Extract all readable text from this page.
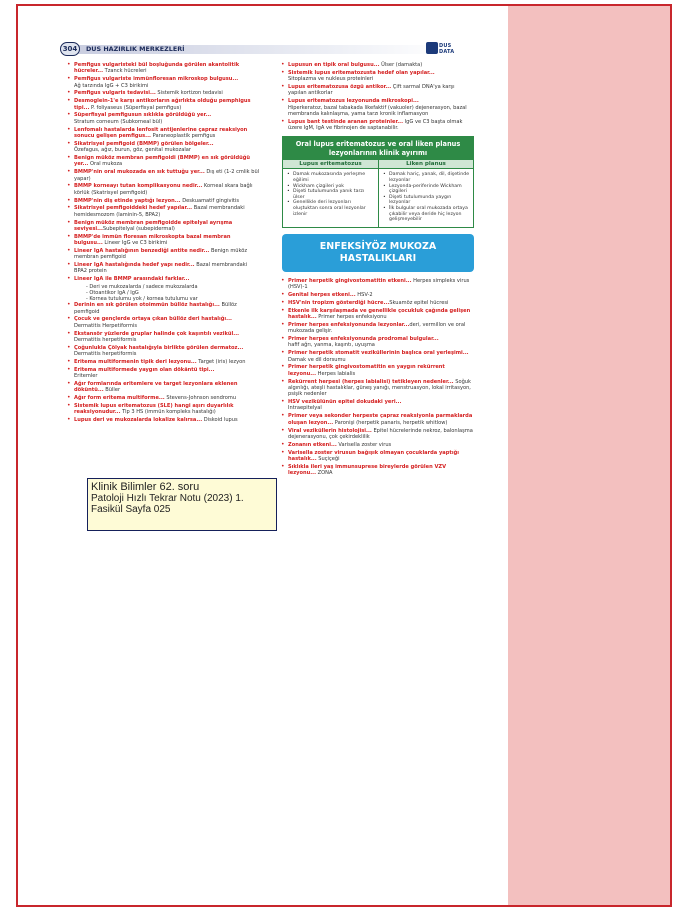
304	DUS HAZIRLIK MERKEZLERİ	DUS DATA
• Pemfigus vulgaristeki bül boşluğunda görülen akantolitik hücreler... Tzanck hücreleri
• Pemfigus vulgariste immünfloresan mikroskop bulgusu...
Ağ tarzında IgG + C3 birikimi
• Pemfigus vulgaris tedavisi... Sistemik kortizon tedavisi
• Desmoglein-1'e karşı antikorların ağırlıkta olduğu pemphigus tipi... P. foliyaseus (Süperfisyal pemfigus)
• Süperfisyal pemfigusun sıklıkla görüldüğü yer...
Stratum corneum (Subkorneal bül)
• Lenfomalı hastalarda lenfosit antijenlerine çapraz reaksiyon sonucu gelişen pemfigus... Paraneoplastik pemfigus
• Sikatrisyel pemfigoid (BMMP) görülen bölgeler...
Özefagus, ağız, burun, göz, genital mukozalar
• Benign müköz membran pemfigoidi (BMMP) en sık görüldüğü yer... Oral mukoza
• BMMP'nin oral mukozada en sık tuttuğu yer... Dış eti (1-2 cmlik bül yapar)
• BMMP korneayı tutan komplikasyonu nedir... Korneal skara bağlı körlük (Skatrisyel pemfigoid)
• BMMP'nin diş etinde yaptığı lezyon... Deskuamatif gingivitis
• Sikatrisyel pemfigoiddeki hedef yapılar... Bazal membrandaki hemidesmozom (laminin-5, BPA2)
• Benign müköz membran pemfigoidde epitelyal ayrışma seviyesi...Subepitelyal (subepidermal)
• BMMP'de immün floresan mikroskopta bazal membran bulgusu... Lineer IgG ve C3 birikimi
• Lineer IgA hastalığının benzediği antite nedir... Benign müköz membran pemfigoid
• Lineer IgA hastalığında hedef yapı nedir... Bazal membrandaki BPA2 protein
• Lineer IgA ile BMMP arasındaki farklar...
- Deri ve mukozalarda / sadece mukozalarda
- Otoantikor IgA / IgG
- Kornea tutulumu yok / kornea tutulumu var
• Derinin en sık görülen otoimmün büllöz hastalığı... Büllöz pemfigoid
• Çocuk ve gençlerde ortaya çıkan büllöz deri hastalığı...
Dermatitis Herpetiformis
• Ekstansör yüzlerde gruplar halinde çok kaşıntılı vezikül... Dermatitis herpetiformis
• Çoğunlukla Çölyak hastalığıyla birlikte görülen dermatoz... Dermatitis herpetiformis
• Eritema multiformenin tipik deri lezyonu... Target (iris) lezyon
• Eritema multiformede yaygın olan dökäntü tipi...
Eritemler
• Ağır formlarında eritemlere ve target lezyonlara eklenen döküntü... Büller
• Ağır form eritema multiforme... Stevens-Johnson sendromu
• Sistemik lupus eritematozus (SLE) hangi aşırı duyarlılık reaksiyonudur... Tip 3 HS (immün kompleks hastalığı)
• Lupus deri ve mukozalarda lokalize kalırsa... Diskoid lupus
• Lupusun en tipik oral bulgusu... Ülser (damakta)
• Sistemik lupus eritematozusta hedef olan yapılar...
Sitoplazma ve nukleus proteinleri
• Lupus eritematozusa özgü antikor... Çift sarmal DNA'ya karşı yapılan antikorlar
• Lupus eritematozus lezyonunda mikroskopi...
Hiperkeratoz, bazal tabakada likefaktif (vakuoler) dejenerasyon, bazal membranda kalınlaşma, yama tarzı kronik inflamasyon
• Lupus bant testinde aranan proteinler... IgG ve C3 başta olmak üzere IgM, IgA ve fibrinojen de saptanabilir.
Oral lupus eritematozus ve oral liken planus lezyonlarının klinik ayırımı
Lupus eritematozus
• Damak mukozasında yerleşme eğilimi
• Wickham çizgileri yok
• Dişeti tutulumunda yanık tarzı ülser
• Genellikle deri lezyonları oluştuktan sonra oral lezyonlar izlenir
Liken planus
• Damak hariç, yanak, dil, dişetinde lezyonlar
• Lezyonda-periferinde Wickham çizgileri
• Dişeti tutulumunda yaygın lezyonlar
• İlk bulgular oral mukozada ortaya çıkabilir veya deride hiç lezyon gelişmeyebilir
ENFEKSİYÖZ MUKOZA
HASTALIKLARI
• Primer herpetik gingivostomatitin etkeni... Herpes simpleks virus (HSV)-1
• Genital herpes etkeni... HSV-2
• HSV'nin tropizm gösterdiği hücre...Skuamöz epitel hücresi
• Etkenle ilk karşılaşmada ve genellikle çocukluk çağında gelişen hastalık... Primer herpes enfeksiyonu
• Primer herpes enfeksiyonunda lezyonlar...deri, vermillon ve oral mukozada gelişir.
• Primer herpes enfeksiyonunda prodromal bulgular...
hafif ağrı, yanma, kaşıntı, uyuşma
• Primer herpetik stomatit veziküllerinin başlıca oral yerleşimi... Damak ve dil dorsumu
• Primer herpetik gingivostomatitin en yaygın rekürrent lezyonu... Herpes labialis
• Rekürrent herpesi (herpes labialisi) tetikleyen nedenler... Soğuk algınlığı, ateşli hastalıklar, güneş yanığı, menstruasyon, lokal irritasyon, psişik nedenler
• HSV vezikülünün epitel dokudaki yeri...
Intraepitelyal
• Primer veya sekonder herpeste çapraz reaksiyonla parmaklarda oluşan lezyon... Paronişi (herpetik panaris, herpetik whitlow)
• Viral veziküllerin histolojisi... Epitel hücrelerinde nekroz, balonlaşma dejenerasyonu, çok çekirdeklilik
• Zonanın etkeni... Varisella zoster virus
• Varisella zoster virusun bağışık olmayan çocuklarda yaptığı hastalık... Suçiçeği
• Sıklıkla ileri yaş immunsuprese bireylerde görülen VZV lezyonu... ZONA
Klinik Bilimler 62. soru
Patoloji Hızlı Tekrar Notu (2023) 1.
Fasikül Sayfa 025
